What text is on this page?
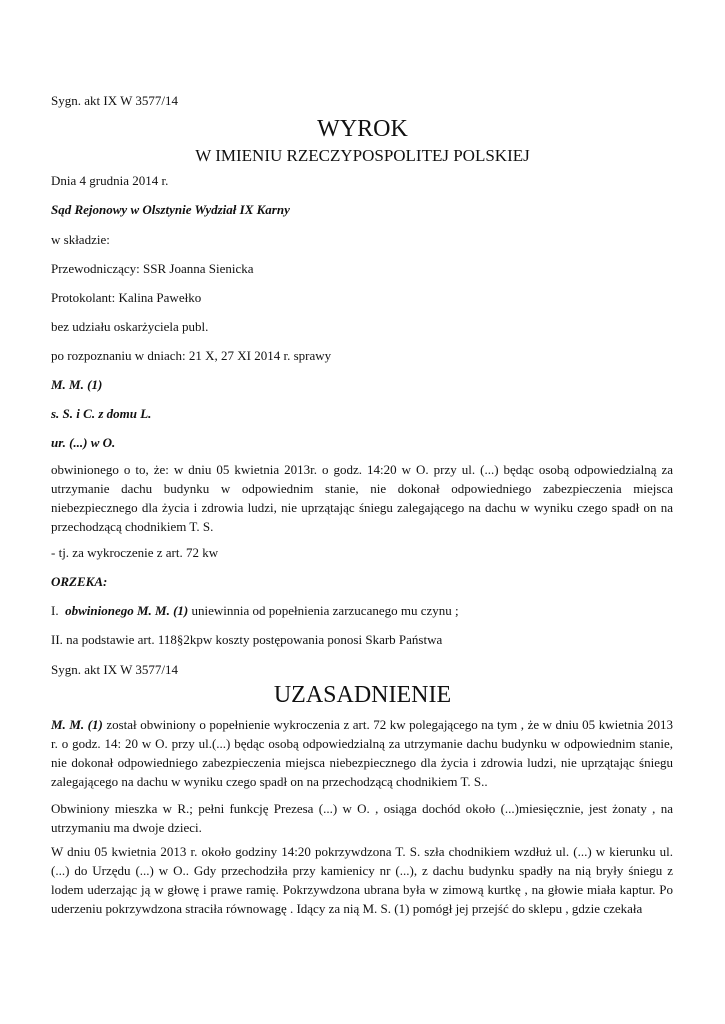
Sygn. akt IX W 3577/14

WYROK
W IMIENIU RZECZYPOSPOLITEJ POLSKIEJ

Dnia 4 grudnia 2014 r.

Sąd Rejonowy w Olsztynie Wydział IX Karny

w składzie:

Przewodniczący: SSR Joanna Sienicka

Protokolant: Kalina Pawełko

bez udziału oskarżyciela publ.

po rozpoznaniu w dniach: 21 X, 27 XI 2014 r. sprawy

M. M. (1)

s. S. i C. z domu L.

ur. (...) w O.

obwinionego o to, że: w dniu 05 kwietnia 2013r. o godz. 14:20 w O. przy ul. (...) będąc osobą odpowiedzialną za utrzymanie dachu budynku w odpowiednim stanie, nie dokonał odpowiedniego zabezpieczenia miejsca niebezpiecznego dla życia i zdrowia ludzi, nie uprzątając śniegu zalegającego na dachu w wyniku czego spadł on na przechodzącą chodnikiem T. S.

- tj. za wykroczenie z art. 72 kw

ORZEKA:

I. obwinionego M. M. (1) uniewinnia od popełnienia zarzucanego mu czynu ;

II. na podstawie art. 118§2kpw koszty postępowania ponosi Skarb Państwa

Sygn. akt IX W 3577/14

UZASADNIENIE

M. M. (1) został obwiniony o popełnienie wykroczenia z art. 72 kw polegającego na tym , że w dniu 05 kwietnia 2013 r. o godz. 14: 20 w O. przy ul.(...) będąc osobą odpowiedzialną za utrzymanie dachu budynku w odpowiednim stanie, nie dokonał odpowiedniego zabezpieczenia miejsca niebezpiecznego dla życia i zdrowia ludzi, nie uprzątając śniegu zalegającego na dachu w wyniku czego spadł on na przechodzącą chodnikiem T. S..

Obwiniony mieszka w R.; pełni funkcję Prezesa (...) w O. , osiąga dochód około (...)miesięcznie, jest żonaty , na utrzymaniu ma dwoje dzieci.

W dniu 05 kwietnia 2013 r. około godziny 14:20 pokrzywdzona T. S. szła chodnikiem wzdłuż ul. (...) w kierunku ul. (...) do Urzędu (...) w O.. Gdy przechodziła przy kamienicy nr (...), z dachu budynku spadły na nią bryły śniegu z lodem uderzając ją w głowę i prawe ramię. Pokrzywdzona ubrana była w zimową kurtkę , na głowie miała kaptur. Po uderzeniu pokrzywdzona straciła równowagę . Idący za nią M. S. (1) pomógł jej przejść do sklepu , gdzie czekała
